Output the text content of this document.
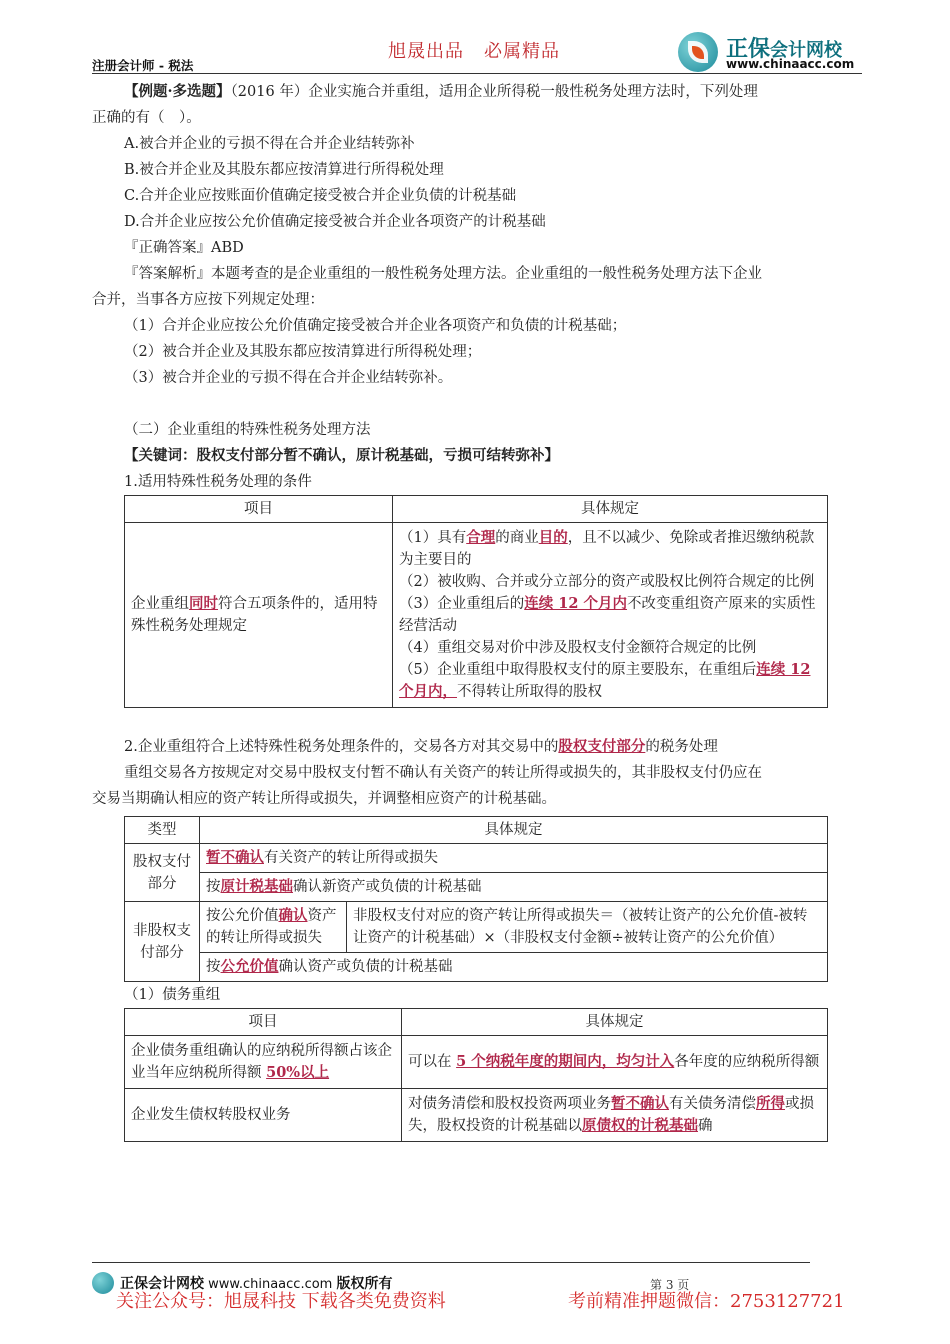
注册会计师 - 税法
旭晟出品 必属精品	正保会计网校
www.chinaacc.com

【例题·多选题】（2016 年）企业实施合并重组，适用企业所得税一般性税务处理方法时，下列处理

正确的有（　）。

A.被合并企业的亏损不得在合并企业结转弥补

B.被合并企业及其股东都应按清算进行所得税处理

C.合并企业应按账面价值确定接受被合并企业负债的计税基础

D.合并企业应按公允价值确定接受被合并企业各项资产的计税基础

『正确答案』ABD

『答案解析』本题考查的是企业重组的一般性税务处理方法。企业重组的一般性税务处理方法下企业

合并，当事各方应按下列规定处理：

（1）合并企业应按公允价值确定接受被合并企业各项资产和负债的计税基础；

（2）被合并企业及其股东都应按清算进行所得税处理；

（3）被合并企业的亏损不得在合并企业结转弥补。

（二）企业重组的特殊性税务处理方法

【关键词：股权支付部分暂不确认，原计税基础，亏损可结转弥补】

1.适用特殊性税务处理的条件

项目	具体规定
企业重组同时符合五项条件的，适用特殊性税务处理规定	（1）具有合理的商业目的，且不以减少、免除或者推迟缴纳税款为主要目的
（2）被收购、合并或分立部分的资产或股权比例符合规定的比例
（3）企业重组后的连续 12 个月内不改变重组资产原来的实质性经营活动
（4）重组交易对价中涉及股权支付金额符合规定的比例
（5）企业重组中取得股权支付的原主要股东，在重组后连续 12 个月内，不得转让所取得的股权

2.企业重组符合上述特殊性税务处理条件的，交易各方对其交易中的股权支付部分的税务处理

重组交易各方按规定对交易中股权支付暂不确认有关资产的转让所得或损失的，其非股权支付仍应在

交易当期确认相应的资产转让所得或损失，并调整相应资产的计税基础。

类型	具体规定	
股权支付部分	暂不确认有关资产的转让所得或损失	
	按原计税基础确认新资产或负债的计税基础	
非股权支付部分	按公允价值确认资产的转让所得或损失	非股权支付对应的资产转让所得或损失＝（被转让资产的公允价值-被转让资产的计税基础）×（非股权支付金额÷被转让资产的公允价值）
	按公允价值确认资产或负债的计税基础	

（1）债务重组

项目	具体规定
企业债务重组确认的应纳税所得额占该企业当年应纳税所得额 50%以上	可以在 5 个纳税年度的期间内，均匀计入各年度的应纳税所得额
企业发生债权转股权业务	对债务清偿和股权投资两项业务暂不确认有关债务清偿所得或损失，股权投资的计税基础以原债权的计税基础确
正保会计网校 www.chinaacc.com 版权所有	第 3 页
关注公众号：旭晟科技 下载各类免费资料	考前精准押题微信：2753127721
